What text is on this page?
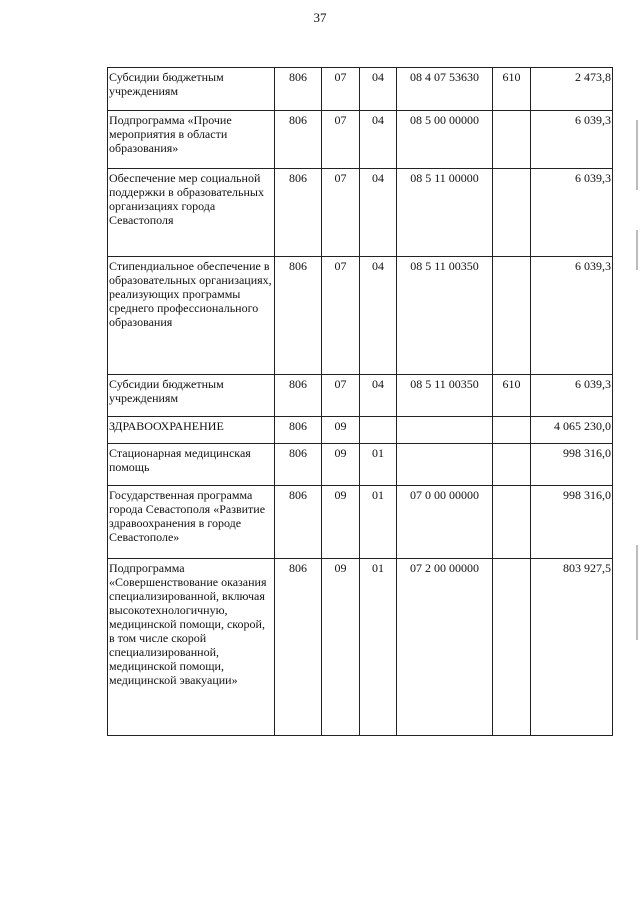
37
Субсидии бюджетным учреждениям	806	07	04	08 4 07 53630	610	2 473,8
Подпрограмма «Прочие мероприятия в области образования»	806	07	04	08 5 00 00000		6 039,3
Обеспечение мер социальной поддержки в образовательных организациях города Севастополя	806	07	04	08 5 11 00000		6 039,3
Стипендиальное обеспечение в образовательных организациях, реализующих программы среднего профессионального образования	806	07	04	08 5 11 00350		6 039,3
Субсидии бюджетным учреждениям	806	07	04	08 5 11 00350	610	6 039,3
ЗДРАВООХРАНЕНИЕ	806	09				4 065 230,0
Стационарная медицинская помощь	806	09	01			998 316,0
Государственная программа города Севастополя «Развитие здравоохранения в городе Севастополе»	806	09	01	07 0 00 00000		998 316,0
Подпрограмма «Совершенствование оказания специализированной, включая высокотехнологичную, медицинской помощи, скорой, в том числе скорой специализированной, медицинской помощи, медицинской эвакуации»	806	09	01	07 2 00 00000		803 927,5
